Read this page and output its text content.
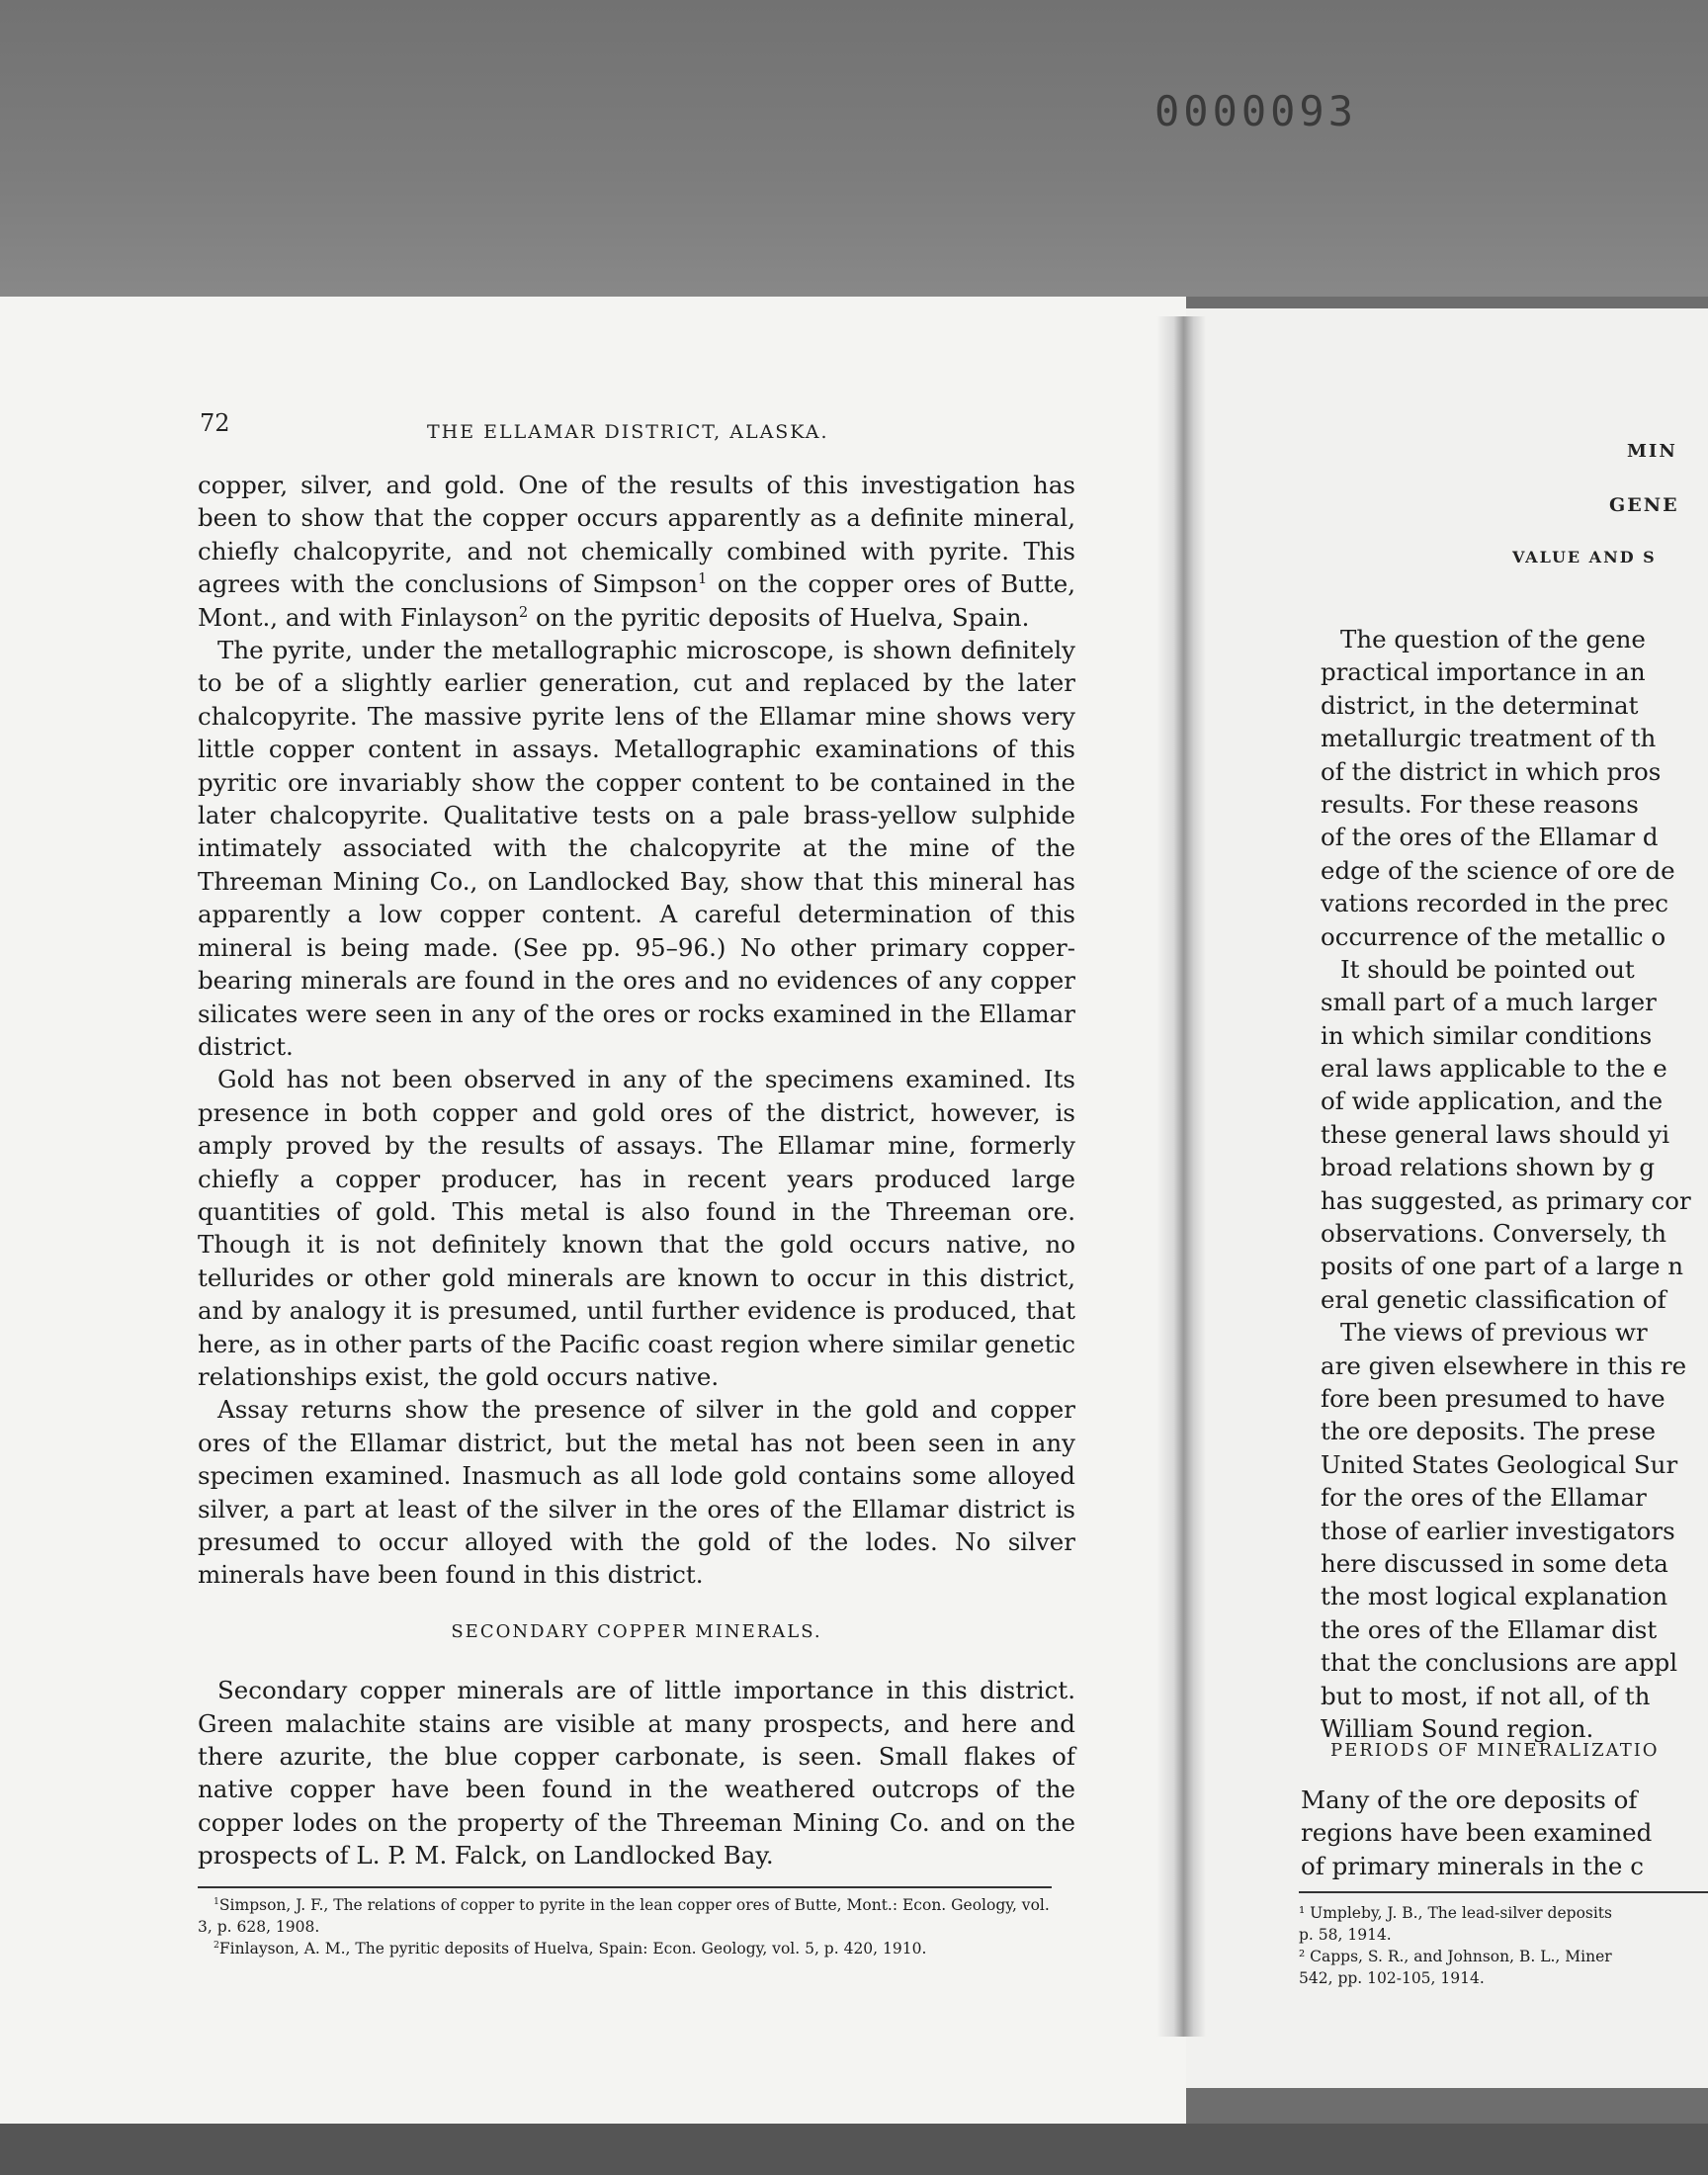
0000093
72	THE ELLAMAR DISTRICT, ALASKA.

copper, silver, and gold. One of the results of this investigation has been to show that the copper occurs apparently as a definite mineral, chiefly chalcopyrite, and not chemically combined with pyrite. This agrees with the conclusions of Simpson$^1$ on the copper ores of Butte, Mont., and with Finlayson$^2$ on the pyritic deposits of Huelva, Spain.

The pyrite, under the metallographic microscope, is shown definitely to be of a slightly earlier generation, cut and replaced by the later chalcopyrite. The massive pyrite lens of the Ellamar mine shows very little copper content in assays. Metallographic examinations of this pyritic ore invariably show the copper content to be contained in the later chalcopyrite. Qualitative tests on a pale brass-yellow sulphide intimately associated with the chalcopyrite at the mine of the Threeman Mining Co., on Landlocked Bay, show that this mineral has apparently a low copper content. A careful determination of this mineral is being made. (See pp. 95–96.) No other primary copper-bearing minerals are found in the ores and no evidences of any copper silicates were seen in any of the ores or rocks examined in the Ellamar district.

Gold has not been observed in any of the specimens examined. Its presence in both copper and gold ores of the district, however, is amply proved by the results of assays. The Ellamar mine, formerly chiefly a copper producer, has in recent years produced large quantities of gold. This metal is also found in the Threeman ore. Though it is not definitely known that the gold occurs native, no tellurides or other gold minerals are known to occur in this district, and by analogy it is presumed, until further evidence is produced, that here, as in other parts of the Pacific coast region where similar genetic relationships exist, the gold occurs native.

Assay returns show the presence of silver in the gold and copper ores of the Ellamar district, but the metal has not been seen in any specimen examined. Inasmuch as all lode gold contains some alloyed silver, a part at least of the silver in the ores of the Ellamar district is presumed to occur alloyed with the gold of the lodes. No silver minerals have been found in this district.

SECONDARY COPPER MINERALS.

Secondary copper minerals are of little importance in this district. Green malachite stains are visible at many prospects, and here and there azurite, the blue copper carbonate, is seen. Small flakes of native copper have been found in the weathered outcrops of the copper lodes on the property of the Threeman Mining Co. and on the prospects of L. P. M. Falck, on Landlocked Bay.

$^1$Simpson, J. F., The relations of copper to pyrite in the lean copper ores of Butte, Mont.: Econ. Geology, vol. 3, p. 628, 1908.

$^2$Finlayson, A. M., The pyritic deposits of Huelva, Spain: Econ. Geology, vol. 5, p. 420, 1910.

MIN
GENE
VALUE AND S
The question of the gene
practical importance in an
district, in the determinat
metallurgic treatment of th
of the district in which pros
results. For these reasons
of the ores of the Ellamar d
edge of the science of ore de
vations recorded in the prec
occurrence of the metallic o
It should be pointed out
small part of a much larger
in which similar conditions
eral laws applicable to the e
of wide application, and the
these general laws should yi
broad relations shown by g
has suggested, as primary cor
observations. Conversely, th
posits of one part of a large n
eral genetic classification of
The views of previous wr
are given elsewhere in this re
fore been presumed to have
the ore deposits. The prese
United States Geological Sur
for the ores of the Ellamar
those of earlier investigators
here discussed in some deta
the most logical explanation
the ores of the Ellamar dist
that the conclusions are appl
but to most, if not all, of th
William Sound region.
PERIODS OF MINERALIZATIO
Many of the ore deposits of
regions have been examined
of primary minerals in the c
¹ Umpleby, J. B., The lead-silver deposits
p. 58, 1914.
² Capps, S. R., and Johnson, B. L., Miner
542, pp. 102-105, 1914.
